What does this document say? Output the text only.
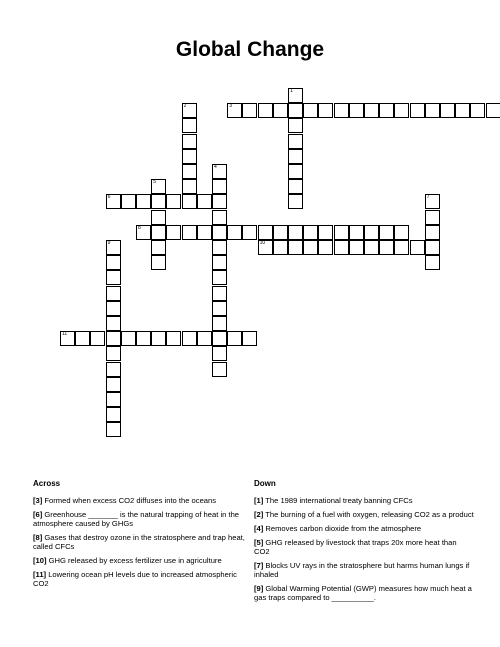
Global Change
1
2	3
4
5
6	7
8
9	10
11
Across	Down
[3] Formed when excess CO2 diffuses into the oceans
[6] Greenhouse _______ is the natural trapping of heat in the atmosphere caused by GHGs
[8] Gases that destroy ozone in the stratosphere and trap heat, called CFCs
[10] GHG released by excess fertilizer use in agriculture
[11] Lowering ocean pH levels due to increased atmospheric CO2
[1] The 1989 international treaty banning CFCs
[2] The burning of a fuel with oxygen, releasing CO2 as a product
[4] Removes carbon dioxide from the atmosphere
[5] GHG released by livestock that traps 20x more heat than CO2
[7] Blocks UV rays in the stratosphere but harms human lungs if inhaled
[9] Global Warming Potential (GWP) measures how much heat a gas traps compared to __________.
